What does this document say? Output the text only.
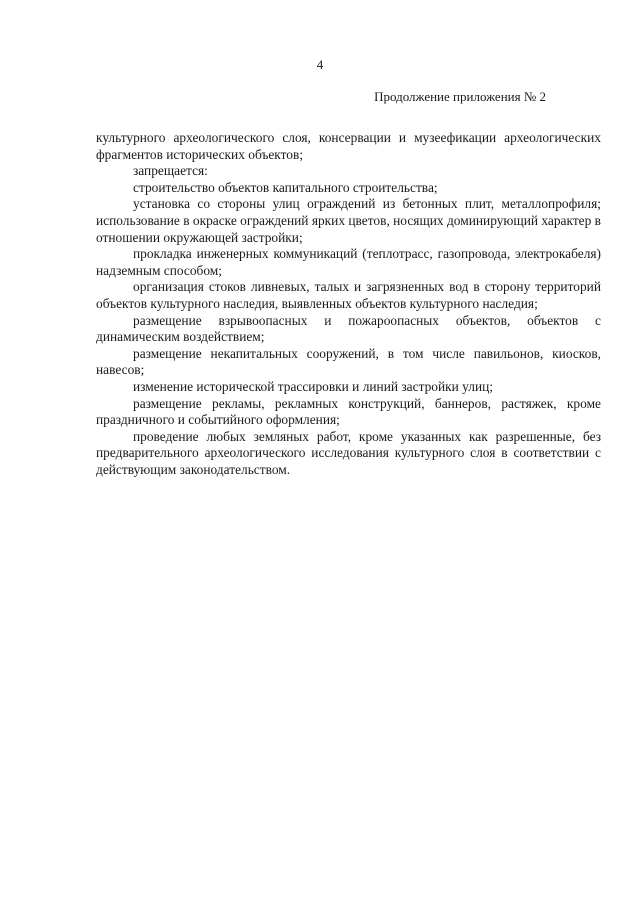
4
Продолжение приложения № 2

культурного археологического слоя, консервации и музеефикации археологических фрагментов исторических объектов;

запрещается:

строительство объектов капитального строительства;

установка со стороны улиц ограждений из бетонных плит, металлопрофиля; использование в окраске ограждений ярких цветов, носящих доминирующий характер в отношении окружающей застройки;

прокладка инженерных коммуникаций (теплотрасс, газопровода, электрокабеля) надземным способом;

организация стоков ливневых, талых и загрязненных вод в сторону территорий объектов культурного наследия, выявленных объектов культурного наследия;

размещение взрывоопасных и пожароопасных объектов, объектов с динамическим воздействием;

размещение некапитальных сооружений, в том числе павильонов, киосков, навесов;

изменение исторической трассировки и линий застройки улиц;

размещение рекламы, рекламных конструкций, баннеров, растяжек, кроме праздничного и событийного оформления;

проведение любых земляных работ, кроме указанных как разрешенные, без предварительного археологического исследования культурного слоя в соответствии с действующим законодательством.
